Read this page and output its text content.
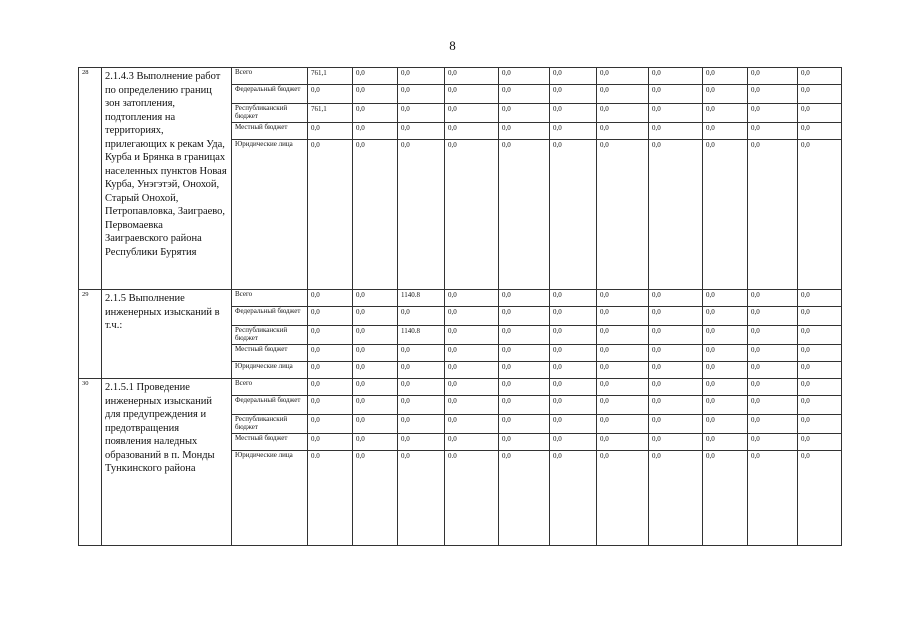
8
28	2.1.4.3 Выполнение работ по определению границ зон затопления, подтопления на территориях, прилегающих к рекам Уда, Курба и Брянка в границах населенных пунктов Новая Курба, Унэгэтэй, Онохой, Старый Онохой, Петропавловка, Заиграево, Первомаевка Заиграевского района Республики Бурятия	Всего	761,1	0,0	0,0	0,0	0,0	0,0	0,0	0,0	0,0	0,0	0,0
		Федеральный бюджет	0,0	0,0	0,0	0,0	0,0	0,0	0,0	0,0	0,0	0,0	0,0
		Республиканский бюджет	761,1	0,0	0,0	0,0	0,0	0,0	0,0	0,0	0,0	0,0	0,0
		Местный бюджет	0,0	0,0	0,0	0,0	0,0	0,0	0,0	0,0	0,0	0,0	0,0
		Юридические лица	0,0	0,0	0,0	0,0	0,0	0,0	0,0	0,0	0,0	0,0	0,0
29	2.1.5 Выполнение инженерных изысканий в т.ч.:	Всего	0,0	0,0	1140.8	0,0	0,0	0,0	0,0	0,0	0,0	0,0	0,0
		Федеральный бюджет	0,0	0,0	0,0	0,0	0,0	0,0	0,0	0,0	0,0	0,0	0,0
		Республиканский бюджет	0,0	0,0	1140.8	0,0	0,0	0,0	0,0	0,0	0,0	0,0	0,0
		Местный бюджет	0,0	0,0	0,0	0,0	0,0	0,0	0,0	0,0	0,0	0,0	0,0
		Юридические лица	0,0	0,0	0,0	0,0	0,0	0,0	0,0	0,0	0,0	0,0	0,0
30	2.1.5.1 Проведение инженерных изысканий для предупреждения и предотвращения появления наледных образований в п. Монды Тункинского района	Всего	0,0	0,0	0,0	0,0	0,0	0,0	0,0	0,0	0,0	0,0	0,0
		Федеральный бюджет	0,0	0,0	0,0	0,0	0,0	0,0	0,0	0,0	0,0	0,0	0,0
		Республиканский бюджет	0,0	0,0	0,0	0,0	0,0	0,0	0,0	0,0	0,0	0,0	0,0
		Местный бюджет	0,0	0,0	0,0	0,0	0,0	0,0	0,0	0,0	0,0	0,0	0,0
		Юридические лица	0.0	0,0	0,0	0.0	0,0	0,0	0,0	0,0	0,0	0,0	0,0
